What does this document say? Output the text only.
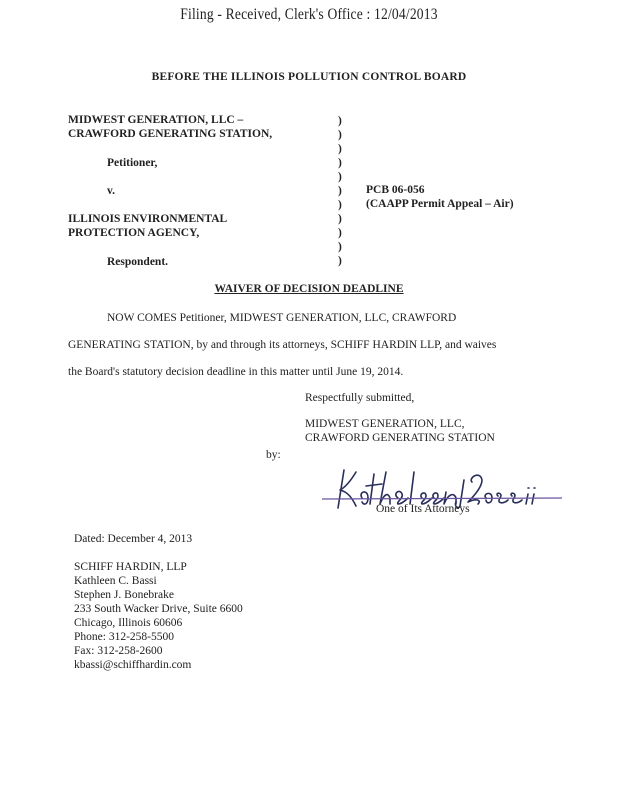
Filing - Received, Clerk's Office : 12/04/2013
BEFORE THE ILLINOIS POLLUTION CONTROL BOARD
MIDWEST GENERATION, LLC –
CRAWFORD GENERATING STATION,
Petitioner,
v.
ILLINOIS ENVIRONMENTAL
PROTECTION AGENCY,
Respondent.
)
)
)
)
)
)
)
)
)
)
)
PCB 06-056
(CAAPP Permit Appeal – Air)
WAIVER OF DECISION DEADLINE
NOW COMES Petitioner, MIDWEST GENERATION, LLC, CRAWFORD
GENERATING STATION, by and through its attorneys, SCHIFF HARDIN LLP, and waives
the Board's statutory decision deadline in this matter until June 19, 2014.
Respectfully submitted,
MIDWEST GENERATION, LLC,
CRAWFORD GENERATING STATION
by:
One of Its Attorneys
Dated: December 4, 2013
SCHIFF HARDIN, LLP
Kathleen C. Bassi
Stephen J. Bonebrake
233 South Wacker Drive, Suite 6600
Chicago, Illinois 60606
Phone: 312-258-5500
Fax: 312-258-2600
kbassi@schiffhardin.com
